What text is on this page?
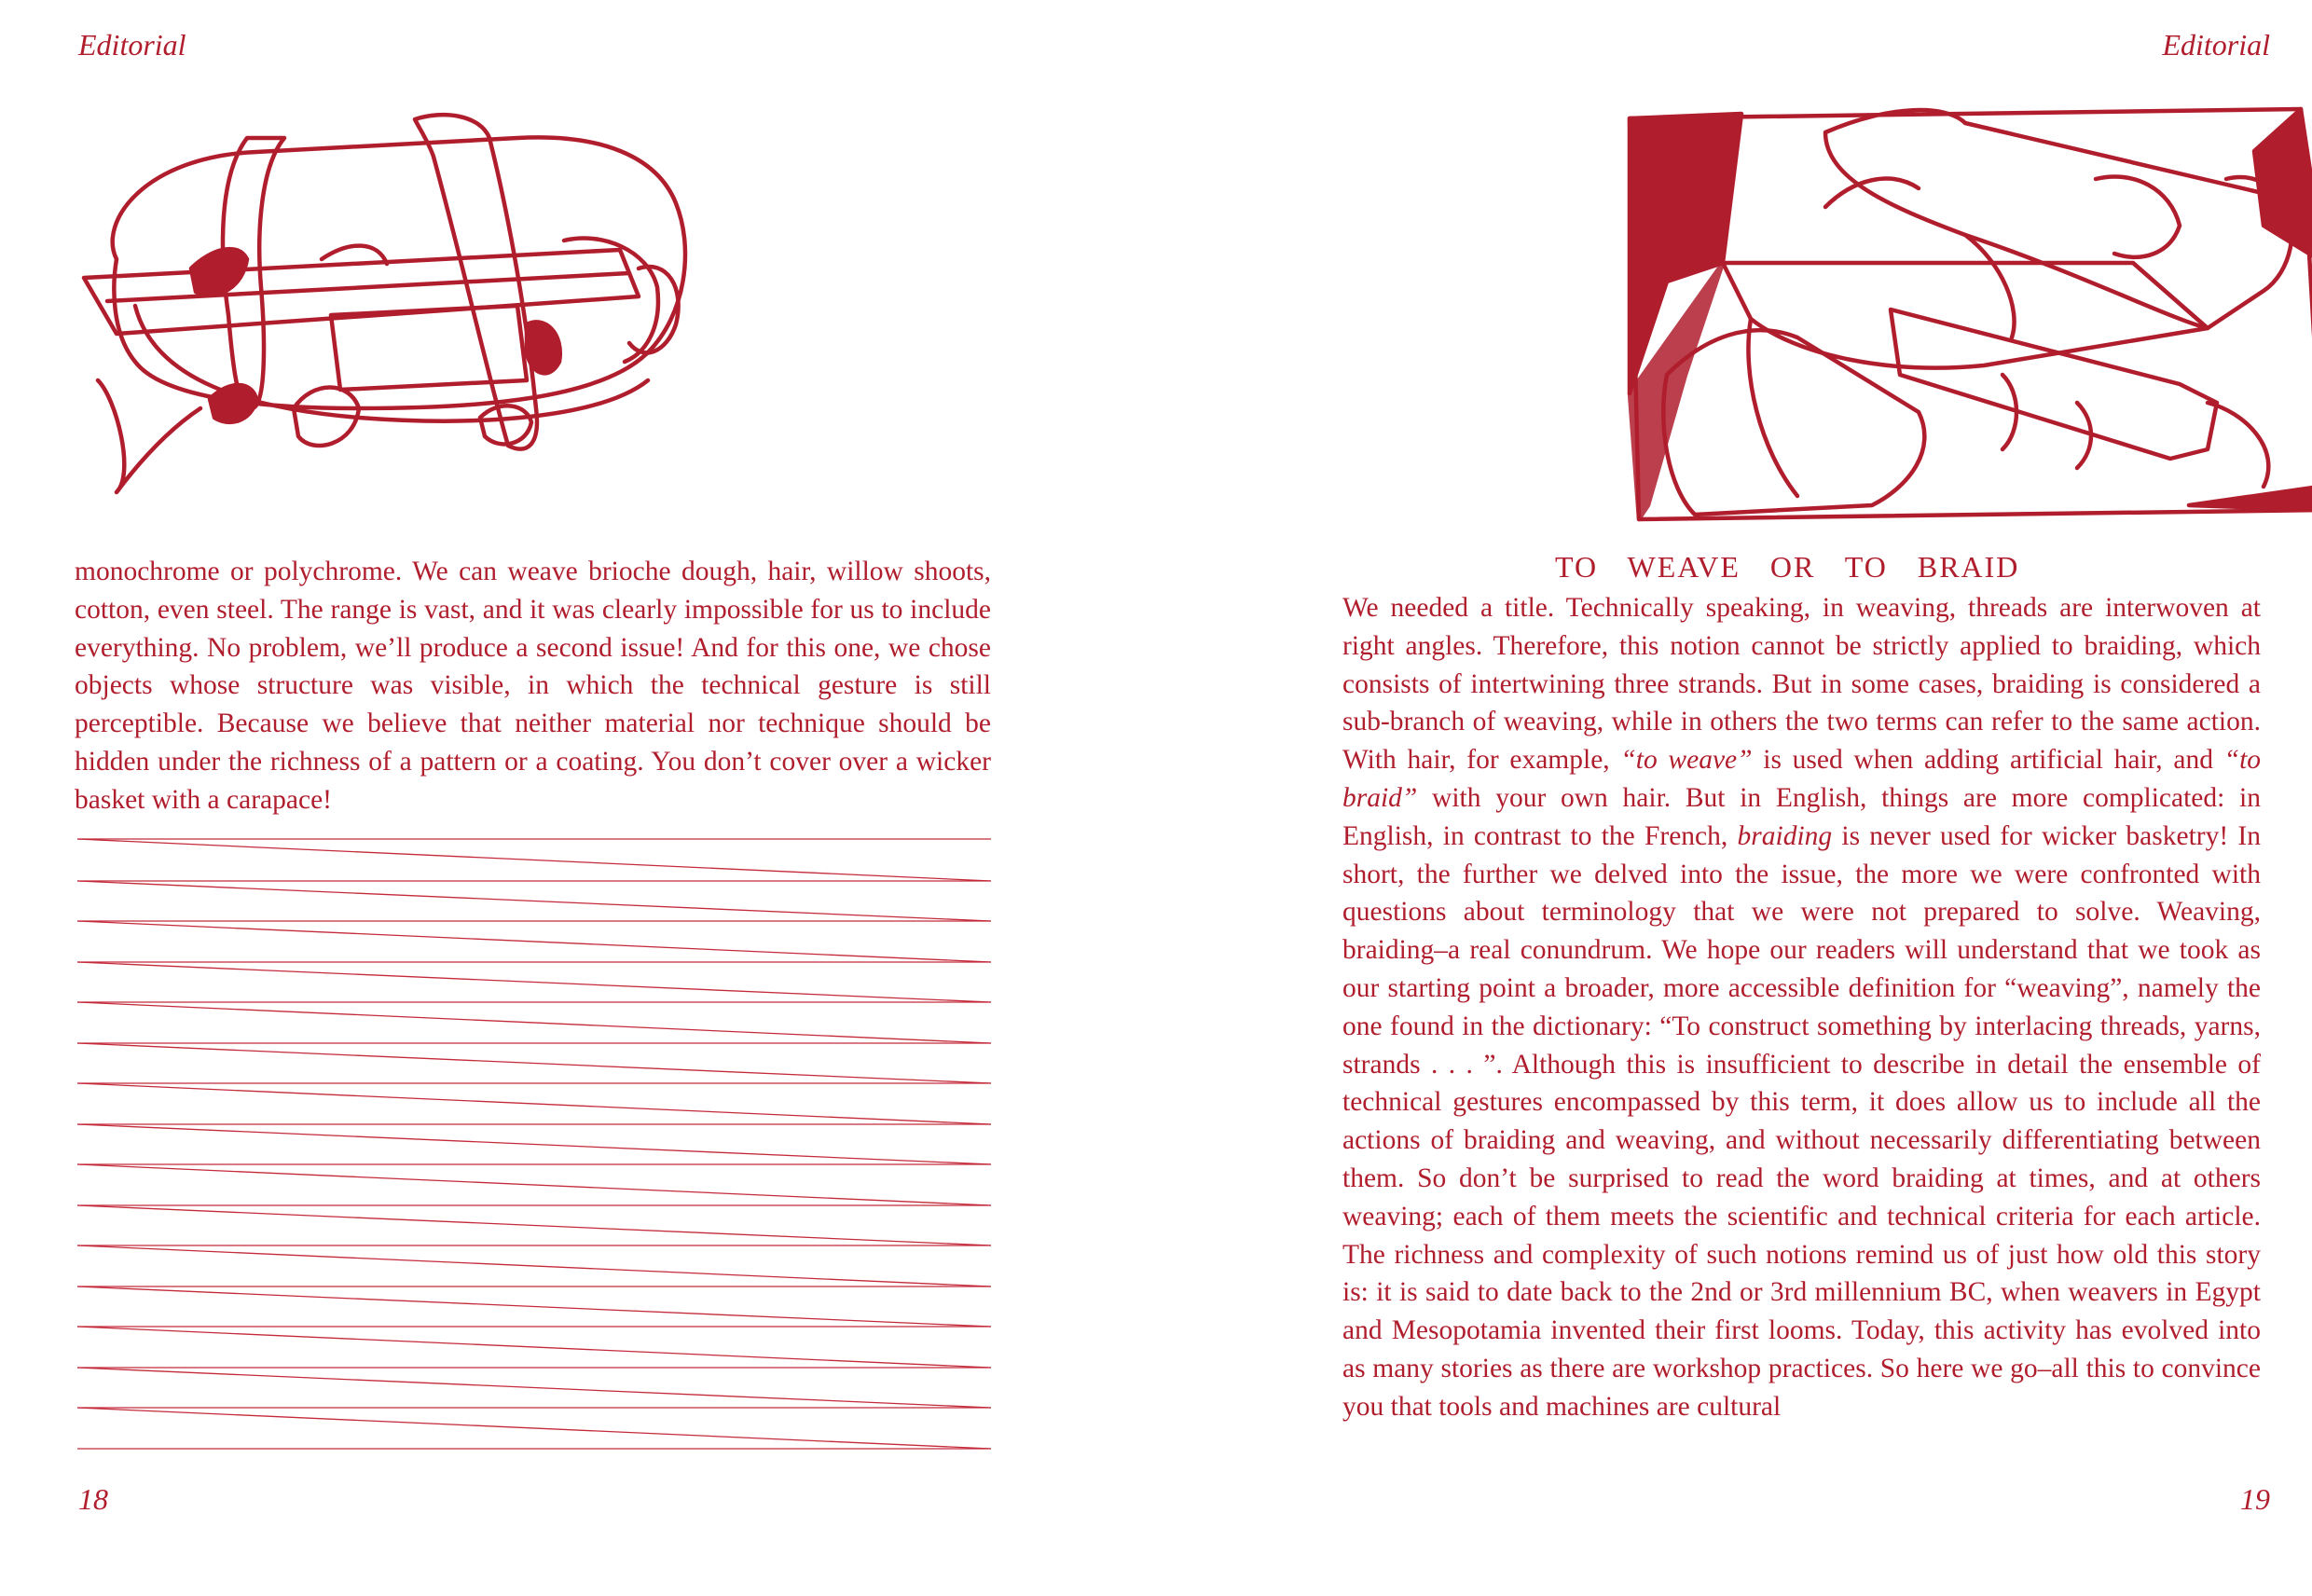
Editorial

monochrome or polychrome. We can weave brioche dough, hair, willow shoots, cotton, even steel. The range is vast, and it was clearly impossible for us to include everything. No problem, we’ll produce a second issue! And for this one, we chose objects whose structure was visible, in which the technical gesture is still perceptible. Because we believe that neither material nor technique should be hidden under the richness of a pattern or a coating. You don’t cover over a wicker basket with a carapace!

18
Editorial
TO WEAVE OR TO BRAID

We needed a title. Technically speaking, in weaving, threads are interwoven at right angles. Therefore, this notion cannot be strictly applied to braiding, which consists of intertwining three strands. But in some cases, braiding is considered a sub-branch of weaving, while in others the two terms can refer to the same action. With hair, for example, “to weave” is used when adding artificial hair, and “to braid” with your own hair. But in English, things are more complicated: in English, in contrast to the French, braiding is never used for wicker basketry! In short, the further we delved into the issue, the more we were confronted with questions about terminology that we were not prepared to solve. Weaving, braiding–a real conundrum. We hope our readers will understand that we took as our starting point a broader, more accessible definition for “weaving”, namely the one found in the dictionary: “To construct something by interlacing threads, yarns, strands . . . ”. Although this is insufficient to describe in detail the ensemble of technical gestures encompassed by this term, it does allow us to include all the actions of braiding and weaving, and without necessarily differentiating between them. So don’t be surprised to read the word braiding at times, and at others weaving; each of them meets the scientific and technical criteria for each article. The richness and complexity of such notions remind us of just how old this story is: it is said to date back to the 2nd or 3rd millennium BC, when weavers in Egypt and Mesopotamia invented their first looms. Today, this activity has evolved into as many stories as there are workshop practices. So here we go–all this to convince you that tools and machines are cultural

19
